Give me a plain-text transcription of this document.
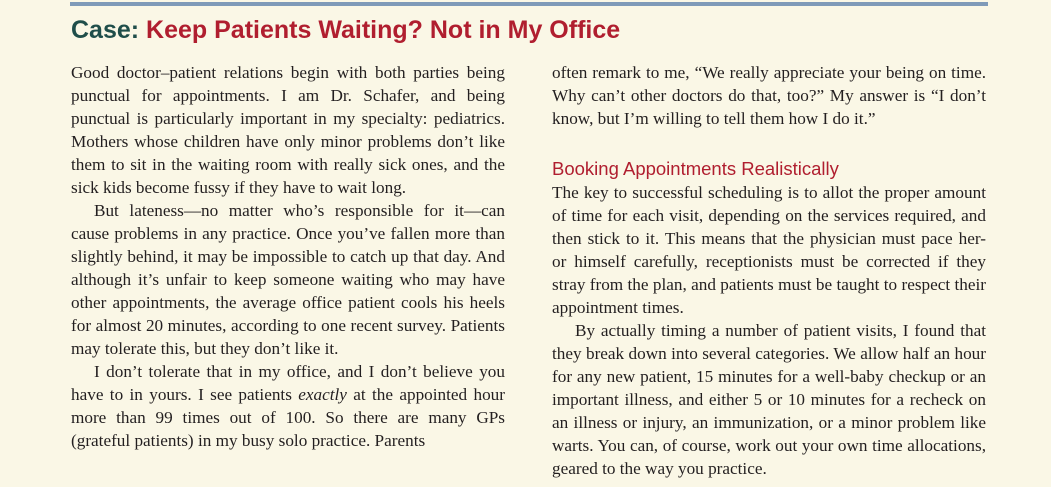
Case: Keep Patients Waiting? Not in My Office

Good doctor–patient relations begin with both parties being punctual for appointments. I am Dr. Schafer, and being punctual is particularly important in my specialty: pediatrics. Mothers whose children have only minor problems don’t like them to sit in the waiting room with really sick ones, and the sick kids become fussy if they have to wait long.

But lateness—no matter who’s responsible for it—can cause problems in any practice. Once you’ve fallen more than slightly behind, it may be impossible to catch up that day. And although it’s unfair to keep someone waiting who may have other appointments, the average office patient cools his heels for almost 20 minutes, according to one recent survey. Patients may tolerate this, but they don’t like it.

I don’t tolerate that in my office, and I don’t believe you have to in yours. I see patients exactly at the appointed hour more than 99 times out of 100. So there are many GPs (grateful patients) in my busy solo practice. Parents

often remark to me, “We really appreciate your being on time. Why can’t other doctors do that, too?” My answer is “I don’t know, but I’m willing to tell them how I do it.”

Booking Appointments Realistically

The key to successful scheduling is to allot the proper amount of time for each visit, depending on the services required, and then stick to it. This means that the physician must pace her- or himself carefully, receptionists must be corrected if they stray from the plan, and patients must be taught to respect their appointment times.

By actually timing a number of patient visits, I found that they break down into several categories. We allow half an hour for any new patient, 15 minutes for a well-baby checkup or an important illness, and either 5 or 10 minutes for a recheck on an illness or injury, an immunization, or a minor problem like warts. You can, of course, work out your own time allocations, geared to the way you practice.
